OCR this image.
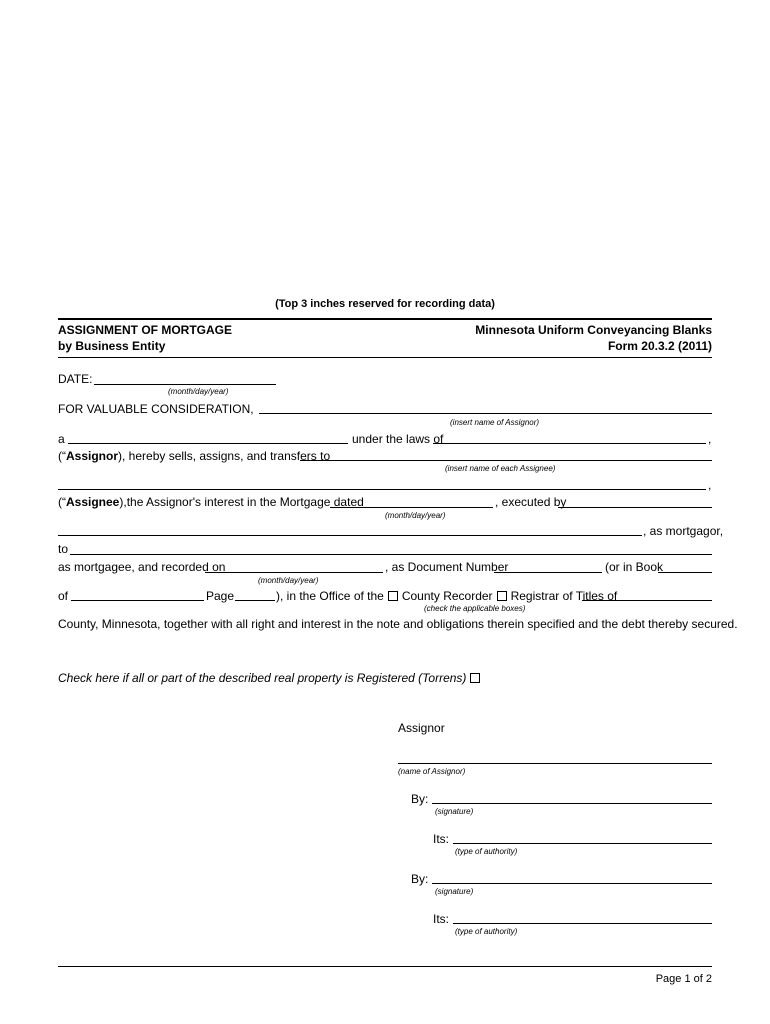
(Top 3 inches reserved for recording data)
ASSIGNMENT OF MORTGAGE
by Business Entity
Minnesota Uniform Conveyancing Blanks
Form 20.3.2 (2011)
DATE:
(month/day/year)
FOR VALUABLE CONSIDERATION,
(insert name of Assignor)
a	under the laws of	,
(“Assignor), hereby sells, assigns, and transfers to
(insert name of each Assignee)
,
(“Assignee),the Assignor's interest in the Mortgage dated	, executed by
(month/day/year)
, as mortgagor,
to
as mortgagee, and recorded on	, as Document Number	(or in Book
(month/day/year)
of	Page	), in the Office of the County Recorder Registrar of Titles of
(check the applicable boxes)
County, Minnesota, together with all right and interest in the note and obligations therein specified and the debt thereby secured.
Check here if all or part of the described real property is Registered (Torrens)
Assignor
(name of Assignor)
By:
(signature)
Its:
(type of authority)
By:
(signature)
Its:
(type of authority)
Page 1 of 2
